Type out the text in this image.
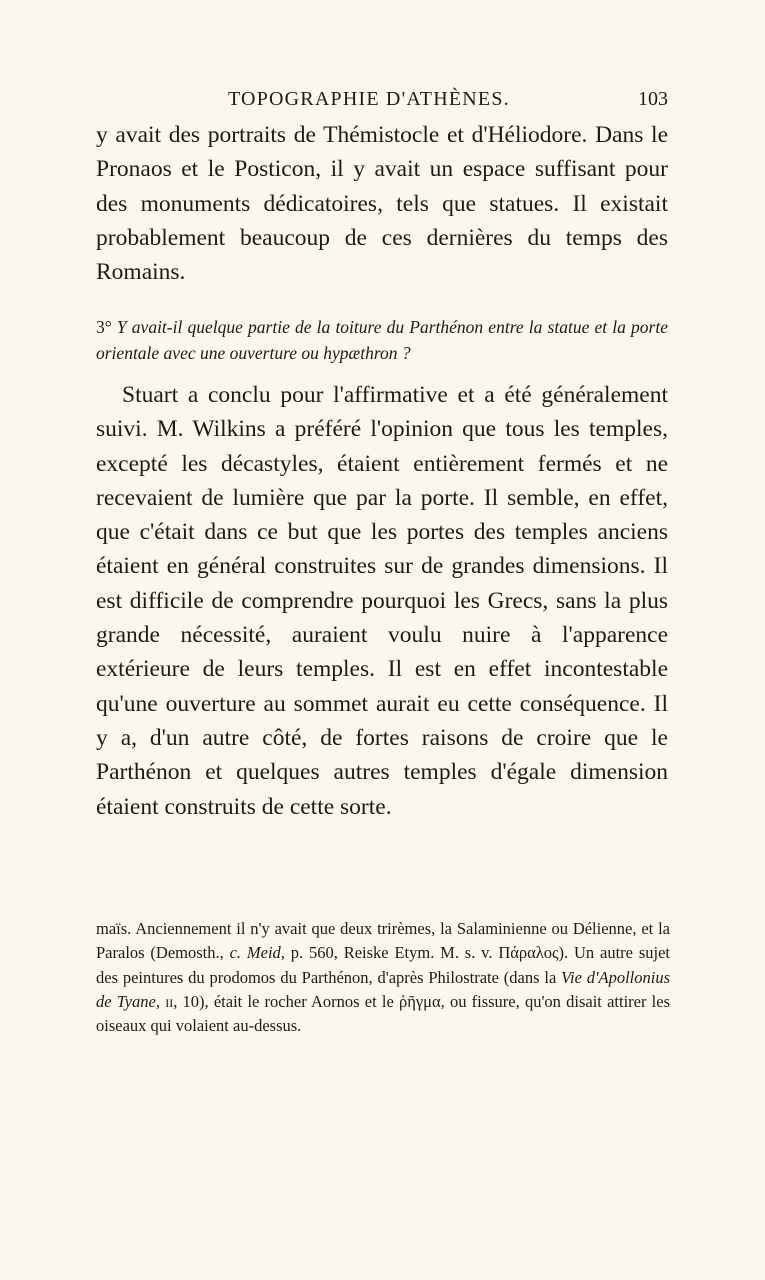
TOPOGRAPHIE D'ATHÈNES.	103

y avait des portraits de Thémistocle et d'Héliodore. Dans le Pronaos et le Posticon, il y avait un espace suffisant pour des monuments dédicatoires, tels que statues. Il existait probablement beaucoup de ces dernières du temps des Romains.

3° Y avait-il quelque partie de la toiture du Parthénon entre la statue et la porte orientale avec une ouverture ou hypæthron ?

Stuart a conclu pour l'affirmative et a été généralement suivi. M. Wilkins a préféré l'opinion que tous les temples, excepté les décastyles, étaient entièrement fermés et ne recevaient de lumière que par la porte. Il semble, en effet, que c'était dans ce but que les portes des temples anciens étaient en général construites sur de grandes dimensions. Il est difficile de comprendre pourquoi les Grecs, sans la plus grande nécessité, auraient voulu nuire à l'apparence extérieure de leurs temples. Il est en effet incontestable qu'une ouverture au sommet aurait eu cette conséquence. Il y a, d'un autre côté, de fortes raisons de croire que le Parthénon et quelques autres temples d'égale dimension étaient construits de cette sorte.

maïs. Anciennement il n'y avait que deux trirèmes, la Salaminienne ou Délienne, et la Paralos (Demosth., c. Meid, p. 560, Reiske Etym. M. s. v. Πάραλος). Un autre sujet des peintures du prodomos du Parthénon, d'après Philostrate (dans la Vie d'Apollonius de Tyane, ii, 10), était le rocher Aornos et le ῥῆγμα, ou fissure, qu'on disait attirer les oiseaux qui volaient au-dessus.
